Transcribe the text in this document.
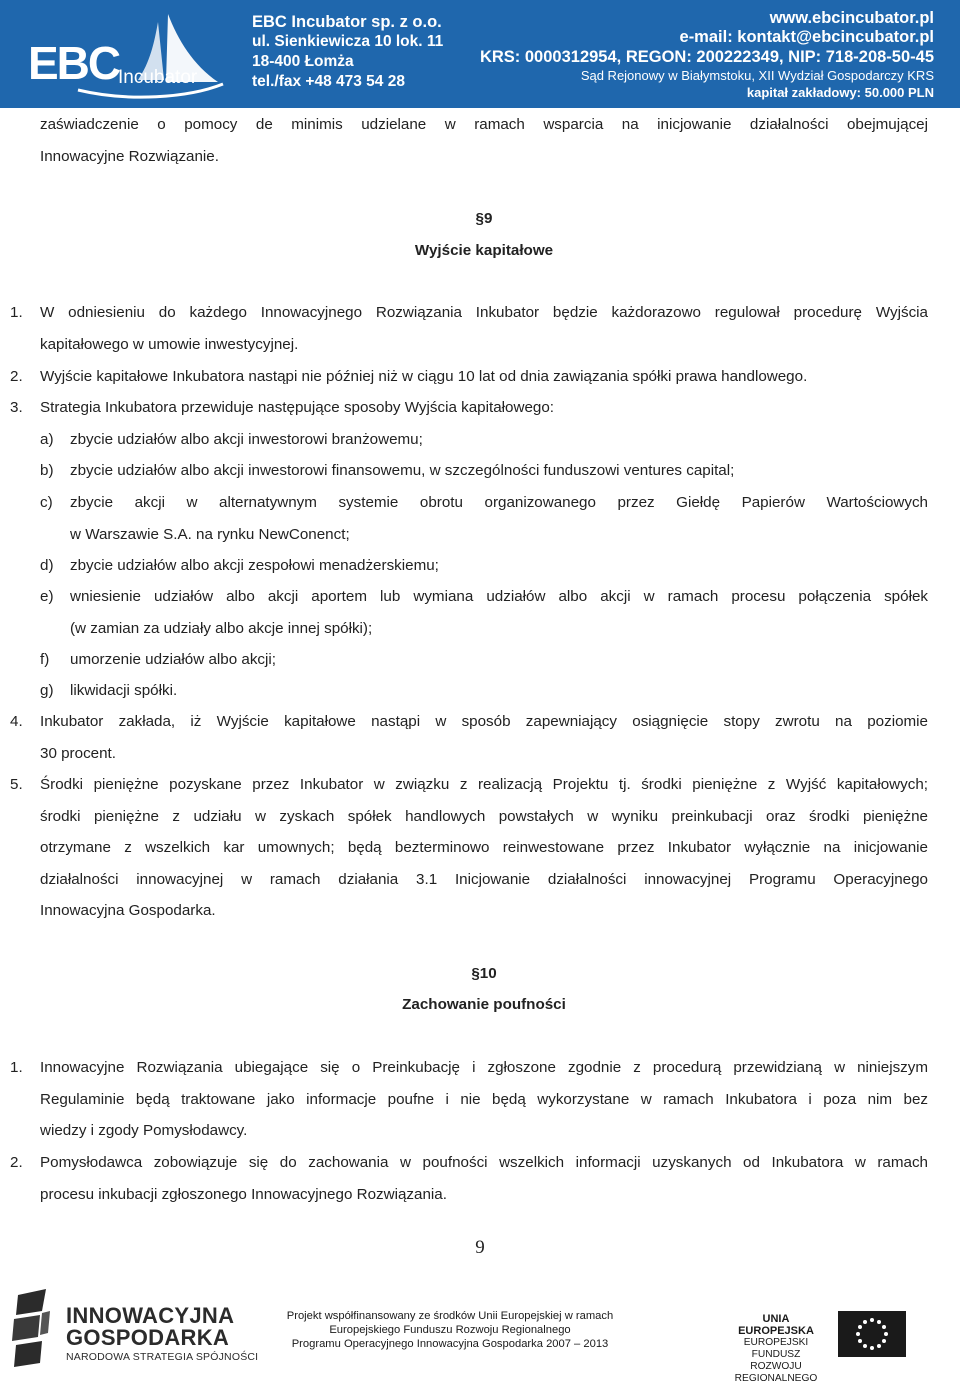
EBC
Incubator
EBC Incubator sp. z o.o.
ul. Sienkiewicza 10 lok. 11
18-400 Łomża
tel./fax +48 473 54 28
www.ebcincubator.pl
e-mail: kontakt@ebcincubator.pl
KRS: 0000312954, REGON: 200222349, NIP: 718-208-50-45
Sąd Rejonowy w Białymstoku, XII Wydział Gospodarczy KRS
kapitał zakładowy: 50.000 PLN
zaświadczenie o pomocy de minimis udzielane w ramach wsparcia na inicjowanie działalności obejmującej
Innowacyjne Rozwiązanie.
§9
Wyjście kapitałowe
1. W odniesieniu do każdego Innowacyjnego Rozwiązania Inkubator będzie każdorazowo regulował procedurę Wyjścia
kapitałowego w umowie inwestycyjnej.
2. Wyjście kapitałowe Inkubatora nastąpi nie później niż w ciągu 10 lat od dnia zawiązania spółki prawa handlowego.
3. Strategia Inkubatora przewiduje następujące sposoby Wyjścia kapitałowego:
a) zbycie udziałów albo akcji inwestorowi branżowemu;
b) zbycie udziałów albo akcji inwestorowi finansowemu, w szczególności funduszowi ventures capital;
c) zbycie akcji w alternatywnym systemie obrotu organizowanego przez Giełdę Papierów Wartościowych
w Warszawie S.A. na rynku NewConenct;
d) zbycie udziałów albo akcji zespołowi menadżerskiemu;
e) wniesienie udziałów albo akcji aportem lub wymiana udziałów albo akcji w ramach procesu połączenia spółek
(w zamian za udziały albo akcje innej spółki);
f) umorzenie udziałów albo akcji;
g) likwidacji spółki.
4. Inkubator zakłada, iż Wyjście kapitałowe nastąpi w sposób zapewniający osiągnięcie stopy zwrotu na poziomie
30 procent.
5. Środki pieniężne pozyskane przez Inkubator w związku z realizacją Projektu tj. środki pieniężne z Wyjść kapitałowych;
środki pieniężne z udziału w zyskach spółek handlowych powstałych w wyniku preinkubacji oraz środki pieniężne
otrzymane z wszelkich kar umownych; będą bezterminowo reinwestowane przez Inkubator wyłącznie na inicjowanie
działalności innowacyjnej w ramach działania 3.1 Inicjowanie działalności innowacyjnej Programu Operacyjnego
Innowacyjna Gospodarka.
§10
Zachowanie poufności
1. Innowacyjne Rozwiązania ubiegające się o Preinkubację i zgłoszone zgodnie z procedurą przewidzianą w niniejszym
Regulaminie będą traktowane jako informacje poufne i nie będą wykorzystane w ramach Inkubatora i poza nim bez
wiedzy i zgody Pomysłodawcy.
2. Pomysłodawca zobowiązuje się do zachowania w poufności wszelkich informacji uzyskanych od Inkubatora w ramach
procesu inkubacji zgłoszonego Innowacyjnego Rozwiązania.
9
INNOWACYJNA
GOSPODARKA
NARODOWA STRATEGIA SPÓJNOŚCI
Projekt współfinansowany ze środków Unii Europejskiej w ramach
Europejskiego Funduszu Rozwoju Regionalnego
Programu Operacyjnego Innowacyjna Gospodarka 2007 – 2013
UNIA EUROPEJSKA
EUROPEJSKI FUNDUSZ
ROZWOJU REGIONALNEGO
